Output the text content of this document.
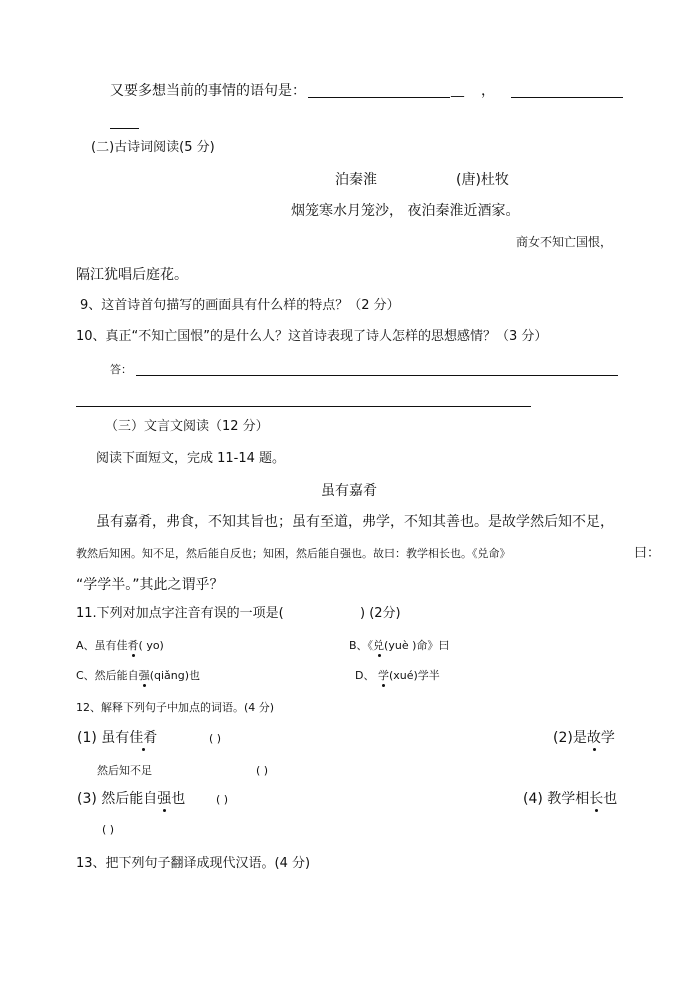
又要多想当前的事情的语句是：	__ ，
(二)古诗词阅读(5 分)
泊秦淮	(唐)杜牧
烟笼寒水月笼沙， 夜泊秦淮近酒家。
商女不知亡国恨，
隔江犹唱后庭花。
9、这首诗首句描写的画面具有什么样的特点？（2 分）
10、真正“不知亡国恨”的是什么人？这首诗表现了诗人怎样的思想感情？（3 分）
答：
（三）文言文阅读（12 分）
阅读下面短文，完成 11-14 题。
虽有嘉肴
虽有嘉肴，弗食，不知其旨也；虽有至道，弗学，不知其善也。是故学然后知不足，
教然后知困。知不足，然后能自反也；知困，然后能自强也。故曰：教学相长也。《兑命》	曰：
“学学半。”其此之谓乎？
11.下列对加点字注音有误的一项是(	) (2分)
A、虽有佳肴( yo)	B、《兑(yuè )命》曰
C、然后能自强(qiǎng)也	D、 学(xué)学半
12、解释下列句子中加点的词语。(4 分)
(1) 虽有佳肴	( )	(2)是故学
然后知不足	( )
(3) 然后能自强也	( )	(4) 教学相长也
( )
13、把下列句子翻译成现代汉语。(4 分)
